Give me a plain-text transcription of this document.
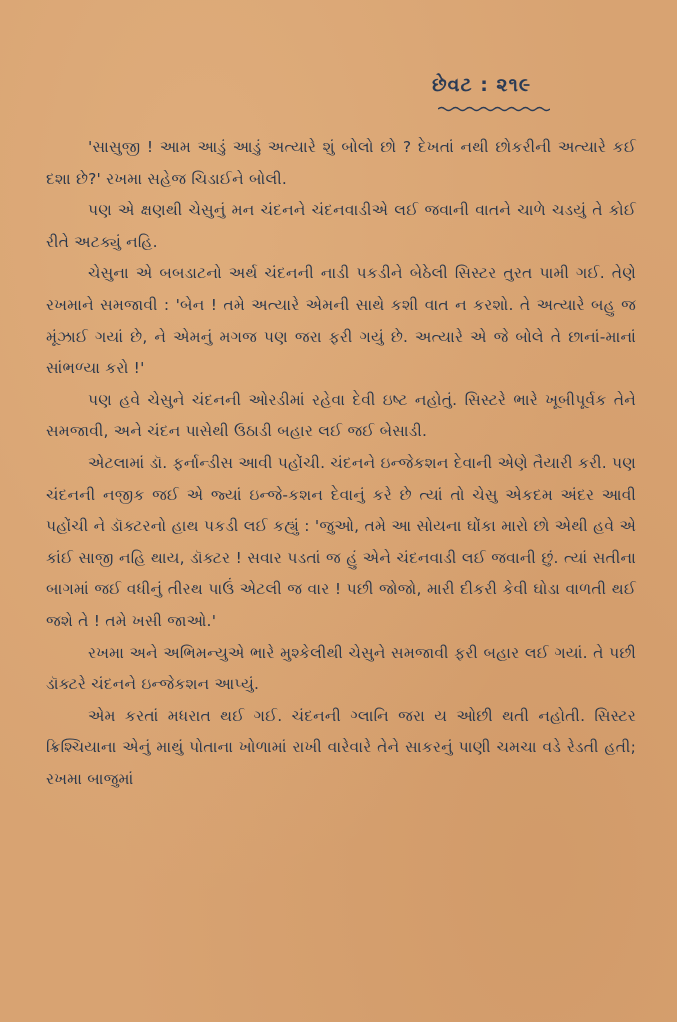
છેવટ : ૨૧૯

'સાસુજી ! આમ આડું આડું અત્યારે શું બોલો છો ? દેખતાં નથી છોકરીની અત્યારે કઈ દશા છે?' રખમા સહેજ ચિડાઈને બોલી.

પણ એ ક્ષણથી ચેસુનું મન ચંદનને ચંદનવાડીએ લઈ જવાની વાતને ચાળે ચડયું તે કોઈ રીતે અટક્યું નહિ.

ચેસુના એ બબડાટનો અર્થ ચંદનની નાડી પકડીને બેઠેલી સિસ્ટર તુરત પામી ગઈ. તેણે રખમાને સમજાવી : 'બેન ! તમે અત્યારે એમની સાથે કશી વાત ન કરશો. તે અત્યારે બહુ જ મૂંઝાઈ ગયાં છે, ને એમનું મગજ પણ જરા ફરી ગયું છે. અત્યારે એ જે બોલે તે છાનાં-માનાં સાંભળ્યા કરો !'

પણ હવે ચેસુને ચંદનની ઓરડીમાં રહેવા દેવી ઇષ્ટ નહોતું. સિસ્ટરે ભારે ખૂબીપૂર્વક તેને સમજાવી, અને ચંદન પાસેથી ઉઠાડી બહાર લઈ જઈ બેસાડી.

એટલામાં ડૉ. ફર્નાન્ડીસ આવી પહોંચી. ચંદનને ઇન્જેકશન દેવાની એણે તૈયારી કરી. પણ ચંદનની નજીક જઈ એ જ્યાં ઇન્જે-કશન દેવાનું કરે છે ત્યાં તો ચેસુ એકદમ અંદર આવી પહોંચી ને ડૉક્ટરનો હાથ પકડી લઈ કહ્યું : 'જુઓ, તમે આ સોયના ઘોંકા મારો છો એથી હવે એ કાંઈ સાજી નહિ થાય, ડૉક્ટર ! સવાર પડતાં જ હું એને ચંદનવાડી લઈ જવાની છું. ત્યાં સતીના બાગમાં જઈ વધીનું તીરથ પાઉં એટલી જ વાર ! પછી જોજો, મારી દીકરી કેવી ઘોડા વાળતી થઈ જશે તે ! તમે ખસી જાઓ.'

રખમા અને અભિમન્યુએ ભારે મુશ્કેલીથી ચેસુને સમજાવી ફરી બહાર લઈ ગયાં. તે પછી ડૉક્ટરે ચંદનને ઇન્જેકશન આપ્યું.

એમ કરતાં મધરાત થઈ ગઈ. ચંદનની ગ્લાનિ જરા ય ઓછી થતી નહોતી. સિસ્ટર ક્રિશ્ચિયાના એનું માથું પોતાના ખોળામાં રાખી વારેવારે તેને સાકરનું પાણી ચમચા વડે રેડતી હતી; રખમા બાજુમાં
